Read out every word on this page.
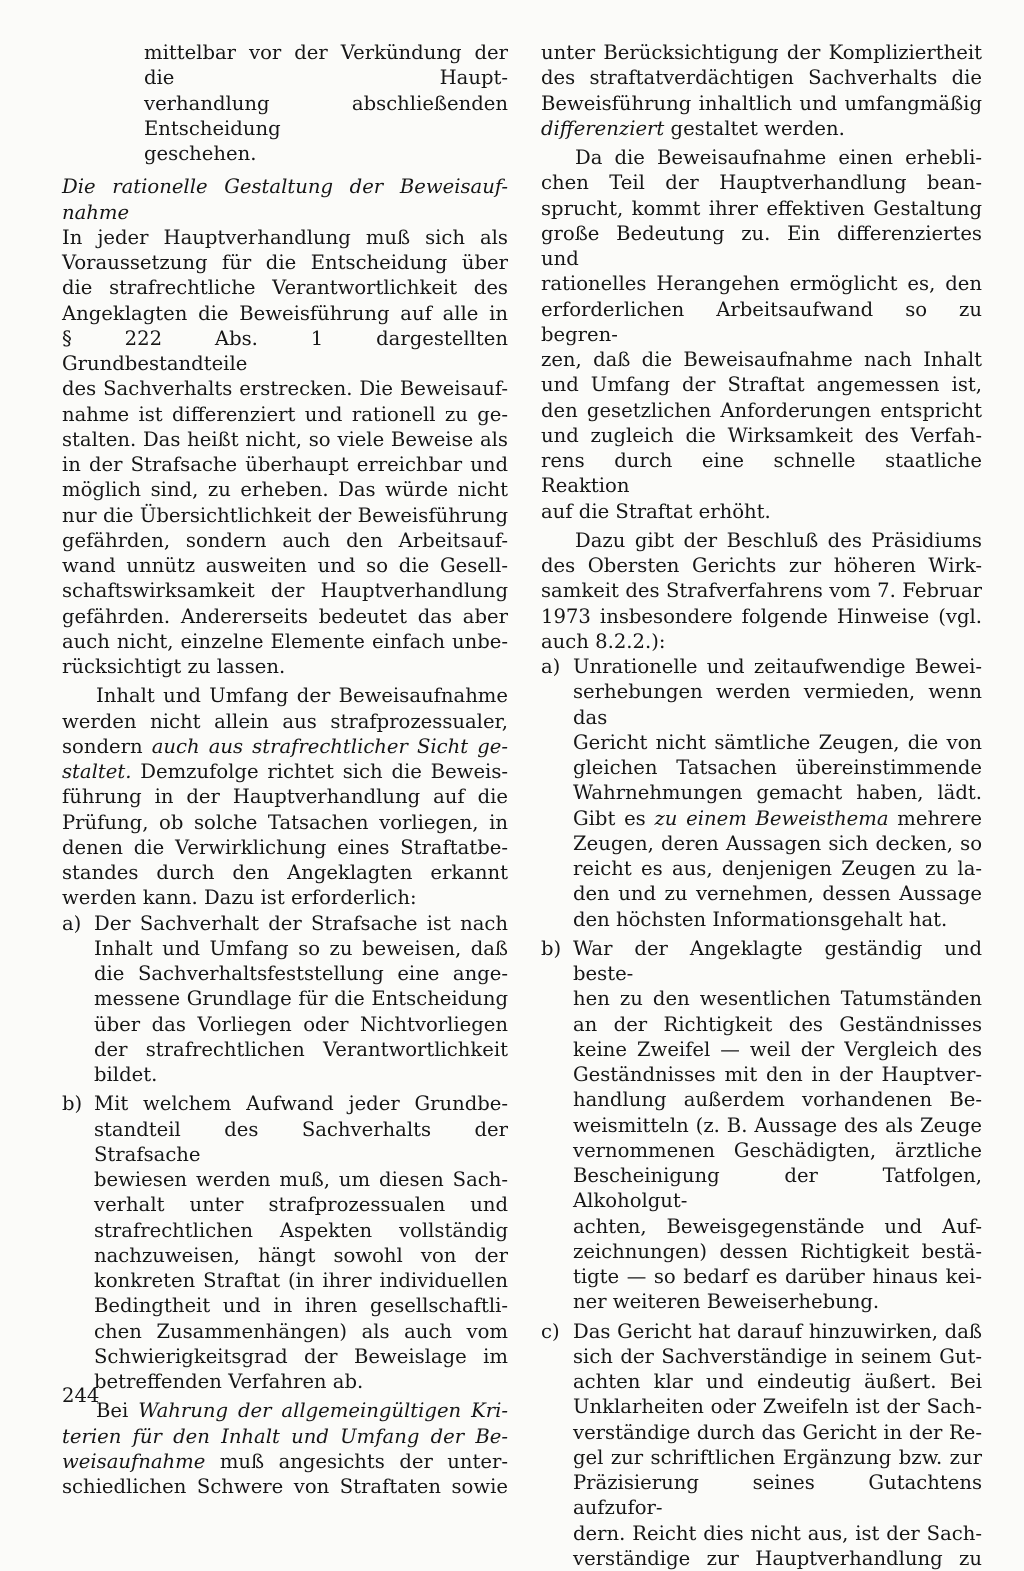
mittelbar vor der Verkündung der die Haupt-
verhandlung abschließenden Entscheidung
geschehen.
Die rationelle Gestaltung der Beweisauf-
nahme
In jeder Hauptverhandlung muß sich als
Voraussetzung für die Entscheidung über
die strafrechtliche Verantwortlichkeit des
Angeklagten die Beweisführung auf alle in
§ 222 Abs. 1 dargestellten Grundbestandteile
des Sachverhalts erstrecken. Die Beweisauf-
nahme ist differenziert und rationell zu ge-
stalten. Das heißt nicht, so viele Beweise als
in der Strafsache überhaupt erreichbar und
möglich sind, zu erheben. Das würde nicht
nur die Übersichtlichkeit der Beweisführung
gefährden, sondern auch den Arbeitsauf-
wand unnütz ausweiten und so die Gesell-
schaftswirksamkeit der Hauptverhandlung
gefährden. Andererseits bedeutet das aber
auch nicht, einzelne Elemente einfach unbe-
rücksichtigt zu lassen.
Inhalt und Umfang der Beweisaufnahme
werden nicht allein aus strafprozessualer,
sondern auch aus strafrechtlicher Sicht ge-
staltet. Demzufolge richtet sich die Beweis-
führung in der Hauptverhandlung auf die
Prüfung, ob solche Tatsachen vorliegen, in
denen die Verwirklichung eines Straftatbe-
standes durch den Angeklagten erkannt
werden kann. Dazu ist erforderlich:
a) Der Sachverhalt der Strafsache ist nach
Inhalt und Umfang so zu beweisen, daß
die Sachverhaltsfeststellung eine ange-
messene Grundlage für die Entscheidung
über das Vorliegen oder Nichtvorliegen
der strafrechtlichen Verantwortlichkeit
bildet.
b) Mit welchem Aufwand jeder Grundbe-
standteil des Sachverhalts der Strafsache
bewiesen werden muß, um diesen Sach-
verhalt unter strafprozessualen und
strafrechtlichen Aspekten vollständig
nachzuweisen, hängt sowohl von der
konkreten Straftat (in ihrer individuellen
Bedingtheit und in ihren gesellschaftli-
chen Zusammenhängen) als auch vom
Schwierigkeitsgrad der Beweislage im
betreffenden Verfahren ab.
Bei Wahrung der allgemeingültigen Kri-
terien für den Inhalt und Umfang der Be-
weisaufnahme muß angesichts der unter-
schiedlichen Schwere von Straftaten sowie
unter Berücksichtigung der Kompliziertheit
des straftatverdächtigen Sachverhalts die
Beweisführung inhaltlich und umfangmäßig
differenziert gestaltet werden.
Da die Beweisaufnahme einen erhebli-
chen Teil der Hauptverhandlung bean-
sprucht, kommt ihrer effektiven Gestaltung
große Bedeutung zu. Ein differenziertes und
rationelles Herangehen ermöglicht es, den
erforderlichen Arbeitsaufwand so zu begren-
zen, daß die Beweisaufnahme nach Inhalt
und Umfang der Straftat angemessen ist,
den gesetzlichen Anforderungen entspricht
und zugleich die Wirksamkeit des Verfah-
rens durch eine schnelle staatliche Reaktion
auf die Straftat erhöht.
Dazu gibt der Beschluß des Präsidiums
des Obersten Gerichts zur höheren Wirk-
samkeit des Strafverfahrens vom 7. Februar
1973 insbesondere folgende Hinweise (vgl.
auch 8.2.2.):
a) Unrationelle und zeitaufwendige Bewei-
serhebungen werden vermieden, wenn das
Gericht nicht sämtliche Zeugen, die von
gleichen Tatsachen übereinstimmende
Wahrnehmungen gemacht haben, lädt.
Gibt es zu einem Beweisthema mehrere
Zeugen, deren Aussagen sich decken, so
reicht es aus, denjenigen Zeugen zu la-
den und zu vernehmen, dessen Aussage
den höchsten Informationsgehalt hat.
b) War der Angeklagte geständig und beste-
hen zu den wesentlichen Tatumständen
an der Richtigkeit des Geständnisses
keine Zweifel — weil der Vergleich des
Geständnisses mit den in der Hauptver-
handlung außerdem vorhandenen Be-
weismitteln (z. B. Aussage des als Zeuge
vernommenen Geschädigten, ärztliche
Bescheinigung der Tatfolgen, Alkoholgut-
achten, Beweisgegenstände und Auf-
zeichnungen) dessen Richtigkeit bestä-
tigte — so bedarf es darüber hinaus kei-
ner weiteren Beweiserhebung.
c) Das Gericht hat darauf hinzuwirken, daß
sich der Sachverständige in seinem Gut-
achten klar und eindeutig äußert. Bei
Unklarheiten oder Zweifeln ist der Sach-
verständige durch das Gericht in der Re-
gel zur schriftlichen Ergänzung bzw. zur
Präzisierung seines Gutachtens aufzufor-
dern. Reicht dies nicht aus, ist der Sach-
verständige zur Hauptverhandlung zu
244
